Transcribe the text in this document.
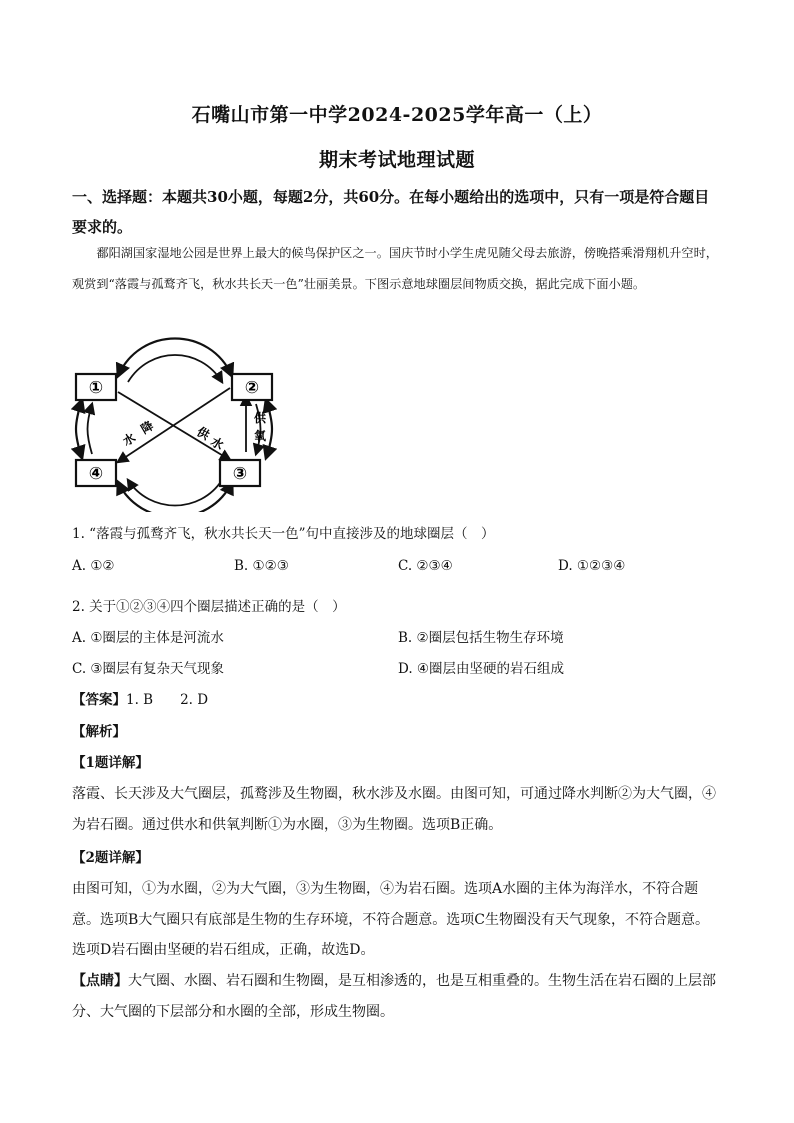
石嘴山市第一中学2024-2025学年高一（上）
期末考试地理试题
一、选择题：本题共30小题，每题2分，共60分。在每小题给出的选项中，只有一项是符合题目要求的。
鄱阳湖国家湿地公园是世界上最大的候鸟保护区之一。国庆节时小学生虎见随父母去旅游，傍晚搭乘滑翔机升空时，观赏到“落霞与孤鹜齐飞，秋水共长天一色”壮丽美景。下图示意地球圈层间物质交换，据此完成下面小题。
①	②
③
④
降
水	供
水
供
氧
1. “落霞与孤鹜齐飞，秋水共长天一色”句中直接涉及的地球圈层（　）
A. ①②	B. ①②③	C. ②③④	D. ①②③④
2. 关于①②③④四个圈层描述正确的是（　）
A. ①圈层的主体是河流水	B. ②圈层包括生物生存环境
C. ③圈层有复杂天气现象	D. ④圈层由坚硬的岩石组成
【答案】1. B　　2. D
【解析】
【1题详解】
落霞、长天涉及大气圈层，孤鹜涉及生物圈，秋水涉及水圈。由图可知，可通过降水判断②为大气圈，④为岩石圈。通过供水和供氧判断①为水圈，③为生物圈。选项B正确。
【2题详解】
由图可知，①为水圈，②为大气圈，③为生物圈，④为岩石圈。选项A水圈的主体为海洋水，不符合题意。选项B大气圈只有底部是生物的生存环境，不符合题意。选项C生物圈没有天气现象，不符合题意。选项D岩石圈由坚硬的岩石组成，正确，故选D。
【点睛】大气圈、水圈、岩石圈和生物圈，是互相渗透的，也是互相重叠的。生物生活在岩石圈的上层部分、大气圈的下层部分和水圈的全部，形成生物圈。
